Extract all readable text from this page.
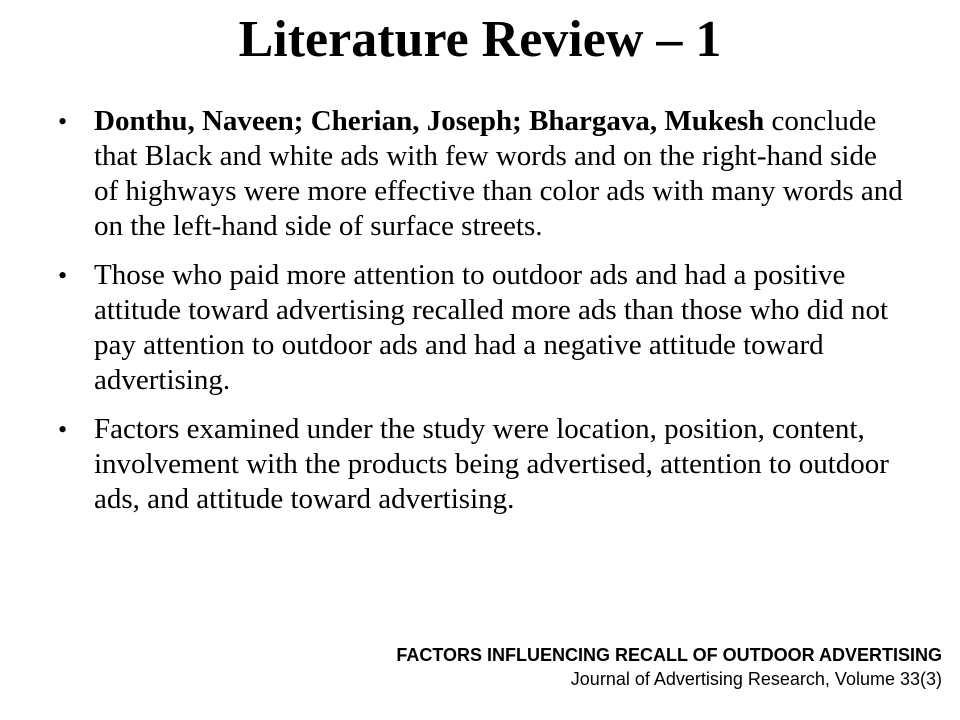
Literature Review – 1
• Donthu, Naveen; Cherian, Joseph; Bhargava, Mukesh conclude that Black and white ads with few words and on the right-hand side of highways were more effective than color ads with many words and on the left-hand side of surface streets.
• Those who paid more attention to outdoor ads and had a positive attitude toward advertising recalled more ads than those who did not pay attention to outdoor ads and had a negative attitude toward advertising.
• Factors examined under the study were location, position, content, involvement with the products being advertised, attention to outdoor ads, and attitude toward advertising.
FACTORS INFLUENCING RECALL OF OUTDOOR ADVERTISING
Journal of Advertising Research, Volume 33(3)
